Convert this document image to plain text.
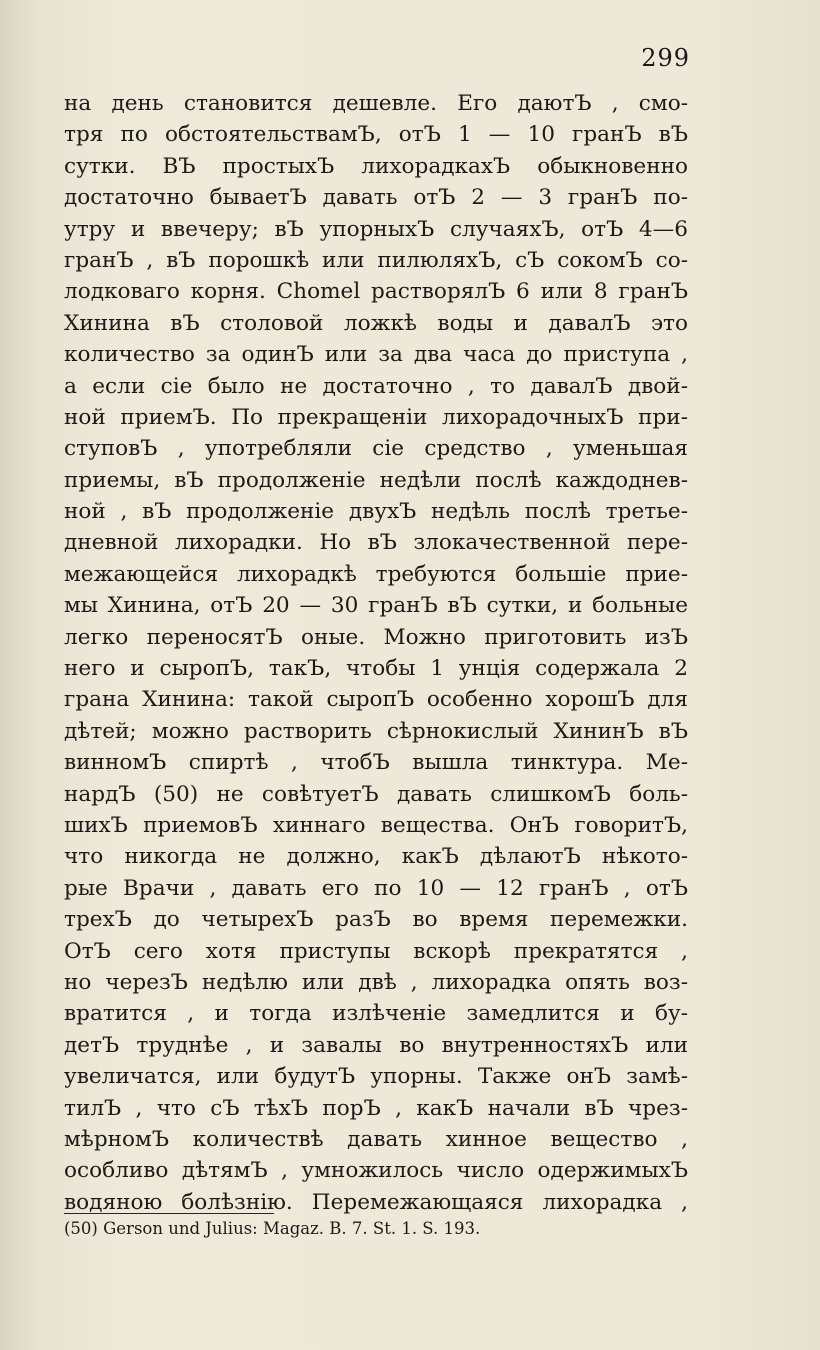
299
на день становится дешевле. Его даютЪ , смо-
тря по обстоятельствамЪ, отЪ 1 — 10 гранЪ вЪ
сутки. ВЪ простыхЪ лихорадкахЪ обыкновенно
достаточно бываетЪ давать отЪ 2 — 3 гранЪ по-
утру и ввечеру; вЪ упорныхЪ случаяхЪ, отЪ 4—6
гранЪ , вЪ порошкѣ или пилюляхЪ, сЪ сокомЪ со-
лодковаго корня. Chomel растворялЪ 6 или 8 гранЪ
Хинина вЪ столовой ложкѣ воды и давалЪ это
количество за одинЪ или за два часа до приступа ,
а если сіе было не достаточно , то давалЪ двой-
ной приемЪ. По прекращеніи лихорадочныхЪ при-
ступовЪ , употребляли сіе средство , уменьшая
приемы, вЪ продолженіе недѣли послѣ каждоднев-
ной , вЪ продолженіе двухЪ недѣль послѣ третье-
дневной лихорадки. Но вЪ злокачественной пере-
межающейся лихорадкѣ требуются большіе прие-
мы Хинина, отЪ 20 — 30 гранЪ вЪ сутки, и больные
легко переносятЪ оные. Можно приготовить изЪ
него и сыропЪ, такЪ, чтобы 1 унція содержала 2
грана Хинина: такой сыропЪ особенно хорошЪ для
дѣтей; можно растворить сѣрнокислый ХининЪ вЪ
винномЪ спиртѣ , чтобЪ вышла тинктура. Ме-
нардЪ (50) не совѣтуетЪ давать слишкомЪ боль-
шихЪ приемовЪ хиннаго вещества. ОнЪ говоритЪ,
что никогда не должно, какЪ дѣлаютЪ нѣкото-
рые Врачи , давать его по 10 — 12 гранЪ , отЪ
трехЪ до четырехЪ разЪ во время перемежки.
ОтЪ сего хотя приступы вскорѣ прекратятся ,
но черезЪ недѣлю или двѣ , лихорадка опять воз-
вратится , и тогда излѣченіе замедлится и бу-
детЪ труднѣе , и завалы во внутренностяхЪ или
увеличатся, или будутЪ упорны. Также онЪ замѣ-
тилЪ , что сЪ тѣхЪ порЪ , какЪ начали вЪ чрез-
мѣрномЪ количествѣ давать хинное вещество ,
особливо дѣтямЪ , умножилось число одержимыхЪ
водяною болѣзнію. Перемежающаяся лихорадка ,
(50) Gerson und Julius: Magaz. B. 7. St. 1. S. 193.
